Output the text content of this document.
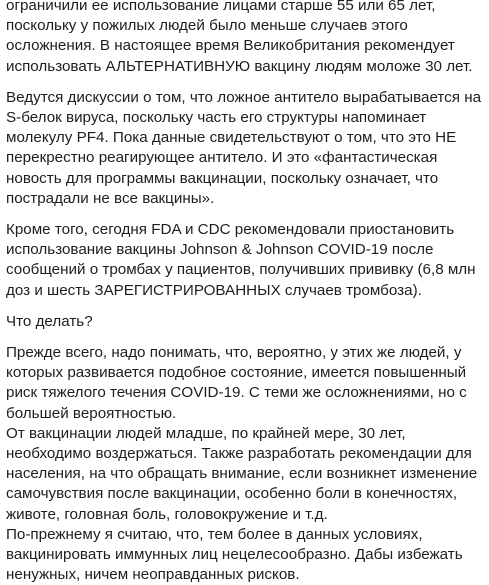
ограничили ее использование лицами старше 55 или 65 лет,
поскольку у пожилых людей было меньше случаев этого
осложнения. В настоящее время Великобритания рекомендует
использовать АЛЬТЕРНАТИВНУЮ вакцину людям моложе 30 лет.

Ведутся дискуссии о том, что ложное антитело вырабатывается на
S-белок вируса, поскольку часть его структуры напоминает
молекулу PF4. Пока данные свидетельствуют о том, что это НЕ
перекрестно реагирующее антитело. И это «фантастическая
новость для программы вакцинации, поскольку означает, что
пострадали не все вакцины».

Кроме того, сегодня FDA и CDC рекомендовали приостановить
использование вакцины Johnson & Johnson COVID-19 после
сообщений о тромбах у пациентов, получивших прививку (6,8 млн
доз и шесть ЗАРЕГИСТРИРОВАННЫХ случаев тромбоза).

Что делать?

Прежде всего, надо понимать, что, вероятно, у этих же людей, у
которых развивается подобное состояние, имеется повышенный
риск тяжелого течения COVID-19. С теми же осложнениями, но с
большей вероятностью.
От вакцинации людей младше, по крайней мере, 30 лет,
необходимо воздержаться. Также разработать рекомендации для
населения, на что обращать внимание, если возникнет изменение
самочувствия после вакцинации, особенно боли в конечностях,
животе, головная боль, головокружение и т.д.
По-прежнему я считаю, что, тем более в данных условиях,
вакцинировать иммунных лиц нецелесообразно. Дабы избежать
ненужных, ничем неоправданных рисков.
